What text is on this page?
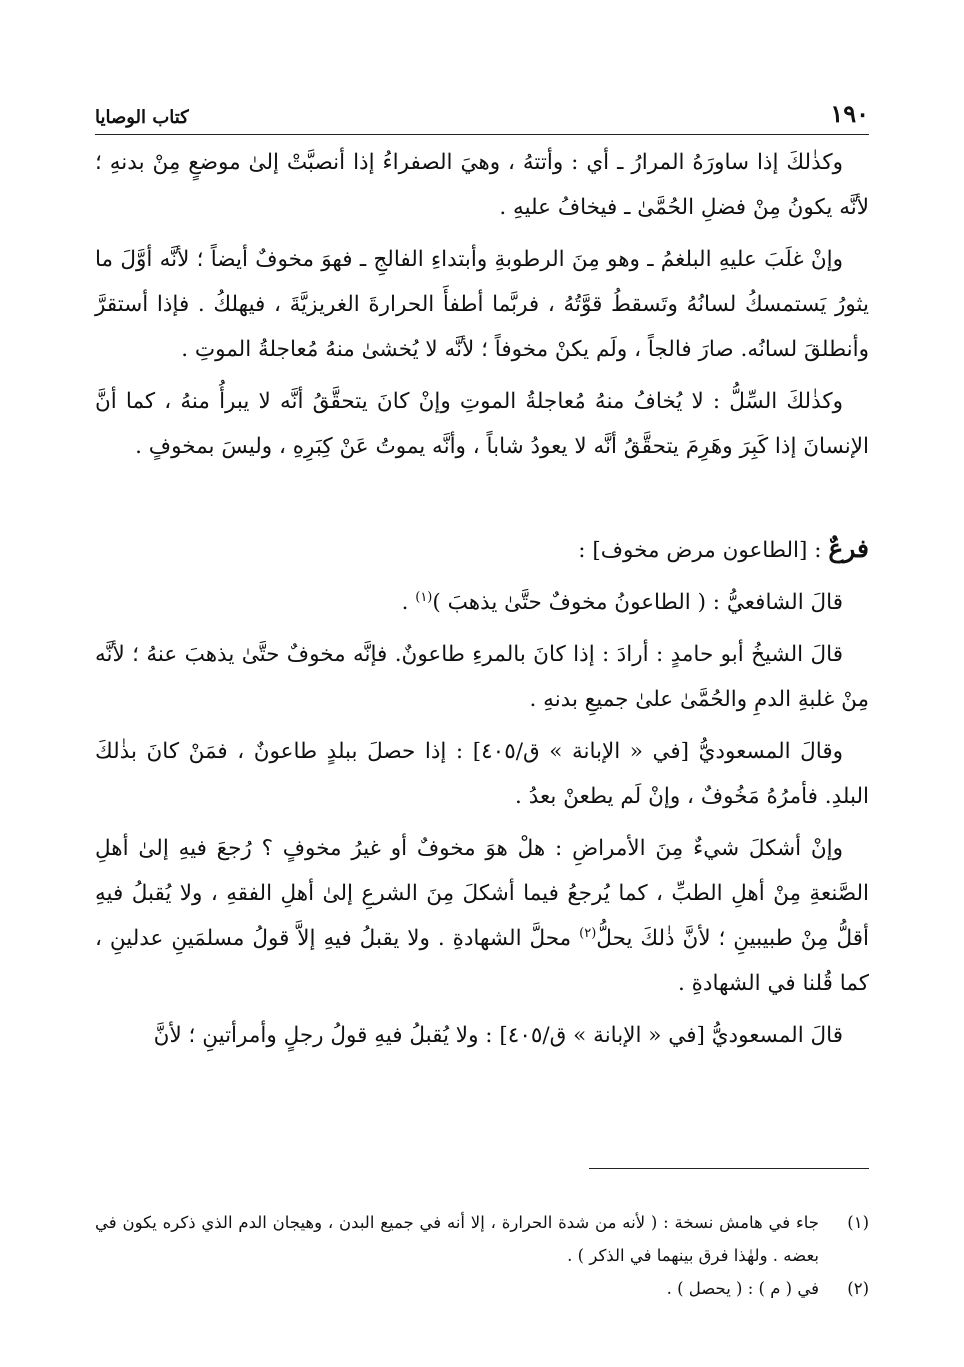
١٩٠
كتاب الوصايا

وكذٰلكَ إذا ساورَهُ المرارُ ـ أي : وأتتهُ ، وهيَ الصفراءُ إذا أنصبَّتْ إلىٰ موضعٍ مِنْ بدنهِ ؛ لأنَّه يكونُ مِنْ فضلِ الحُمَّىٰ ـ فيخافُ عليهِ .

وإنْ غلَبَ عليهِ البلغمُ ـ وهو مِنَ الرطوبةِ وأبتداءِ الفالجِ ـ فهوَ مخوفٌ أيضاً ؛ لأنَّه أوَّلَ ما يثورُ يَستمسكُ لسانُهُ وتَسقطُ قوَّتُهُ ، فربَّما أطفأَ الحرارةَ الغريزيَّةَ ، فيهلكُ . فإذا أستقرَّ وأنطلقَ لسانُه. صارَ فالجاً ، ولَم يكنْ مخوفاً ؛ لأنَّه لا يُخشىٰ منهُ مُعاجلةُ الموتِ .

وكذٰلكَ السِّلُّ : لا يُخافُ منهُ مُعاجلةُ الموتِ وإنْ كانَ يتحقَّقُ أنَّه لا يبرأُ منهُ ، كما أنَّ الإنسانَ إذا كَبِرَ وهَرِمَ يتحقَّقُ أنَّه لا يعودُ شاباً ، وأنَّه يموتُ عَنْ كِبَرِهِ ، وليسَ بمخوفٍ .

فرعٌ : [الطاعون مرض مخوف] :

قالَ الشافعيُّ : ( الطاعونُ مخوفٌ حتَّىٰ يذهبَ )$^{(١)}$ .

قالَ الشيخُ أبو حامدٍ : أرادَ : إذا كانَ بالمرءِ طاعونٌ. فإنَّه مخوفٌ حتَّىٰ يذهبَ عنهُ ؛ لأنَّه مِنْ غلبةِ الدمِ والحُمَّىٰ علىٰ جميعِ بدنهِ .

وقالَ المسعوديُّ [في « الإبانة » ق/٤٠٥] : إذا حصلَ ببلدٍ طاعونٌ ، فمَنْ كانَ بذٰلكَ البلدِ. فأمرُهُ مَخُوفٌ ، وإنْ لَم يطعنْ بعدُ .

وإنْ أشكلَ شيءٌ مِنَ الأمراضِ : هلْ هوَ مخوفٌ أو غيرُ مخوفٍ ؟ رُجعَ فيهِ إلىٰ أهلِ الصَّنعةِ مِنْ أهلِ الطبِّ ، كما يُرجعُ فيما أشكلَ مِنَ الشرعِ إلىٰ أهلِ الفقهِ ، ولا يُقبلُ فيهِ أقلُّ مِنْ طبيبينِ ؛ لأنَّ ذٰلكَ يحلُّ$^{(٢)}$ محلَّ الشهادةِ . ولا يقبلُ فيهِ إلاَّ قولُ مسلمَينِ عدلينِ ، كما قُلنا في الشهادةِ .

قالَ المسعوديُّ [في « الإبانة » ق/٤٠٥] : ولا يُقبلُ فيهِ قولُ رجلٍ وأمرأتينِ ؛ لأنَّ

(١)
جاء في هامش نسخة : ( لأنه من شدة الحرارة ، إلا أنه في جميع البدن ، وهيجان الدم الذي ذكره يكون في بعضه . ولهٰذا فرق بينهما في الذكر ) .
(٢)
في ( م ) : ( يحصل ) .
